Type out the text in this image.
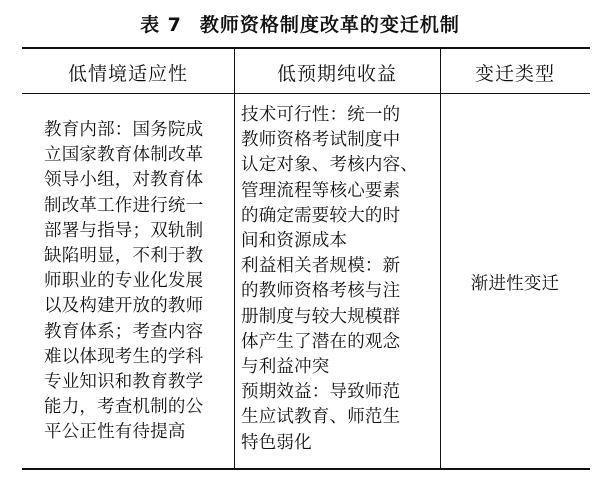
表 7 教师资格制度改革的变迁机制
低情境适应性	低预期纯收益	变迁类型
教育内部：国务院成
立国家教育体制改革
领导小组，对教育体
制改革工作进行统一
部署与指导；双轨制
缺陷明显，不利于教
师职业的专业化发展
以及构建开放的教师
教育体系；考查内容
难以体现考生的学科
专业知识和教育教学
能力，考查机制的公
平公正性有待提高
技术可行性：统一的
教师资格考试制度中
认定对象、考核内容、
管理流程等核心要素
的确定需要较大的时
间和资源成本
利益相关者规模：新
的教师资格考核与注
册制度与较大规模群
体产生了潜在的观念
与利益冲突
预期效益：导致师范
生应试教育、师范生
特色弱化
渐进性变迁
